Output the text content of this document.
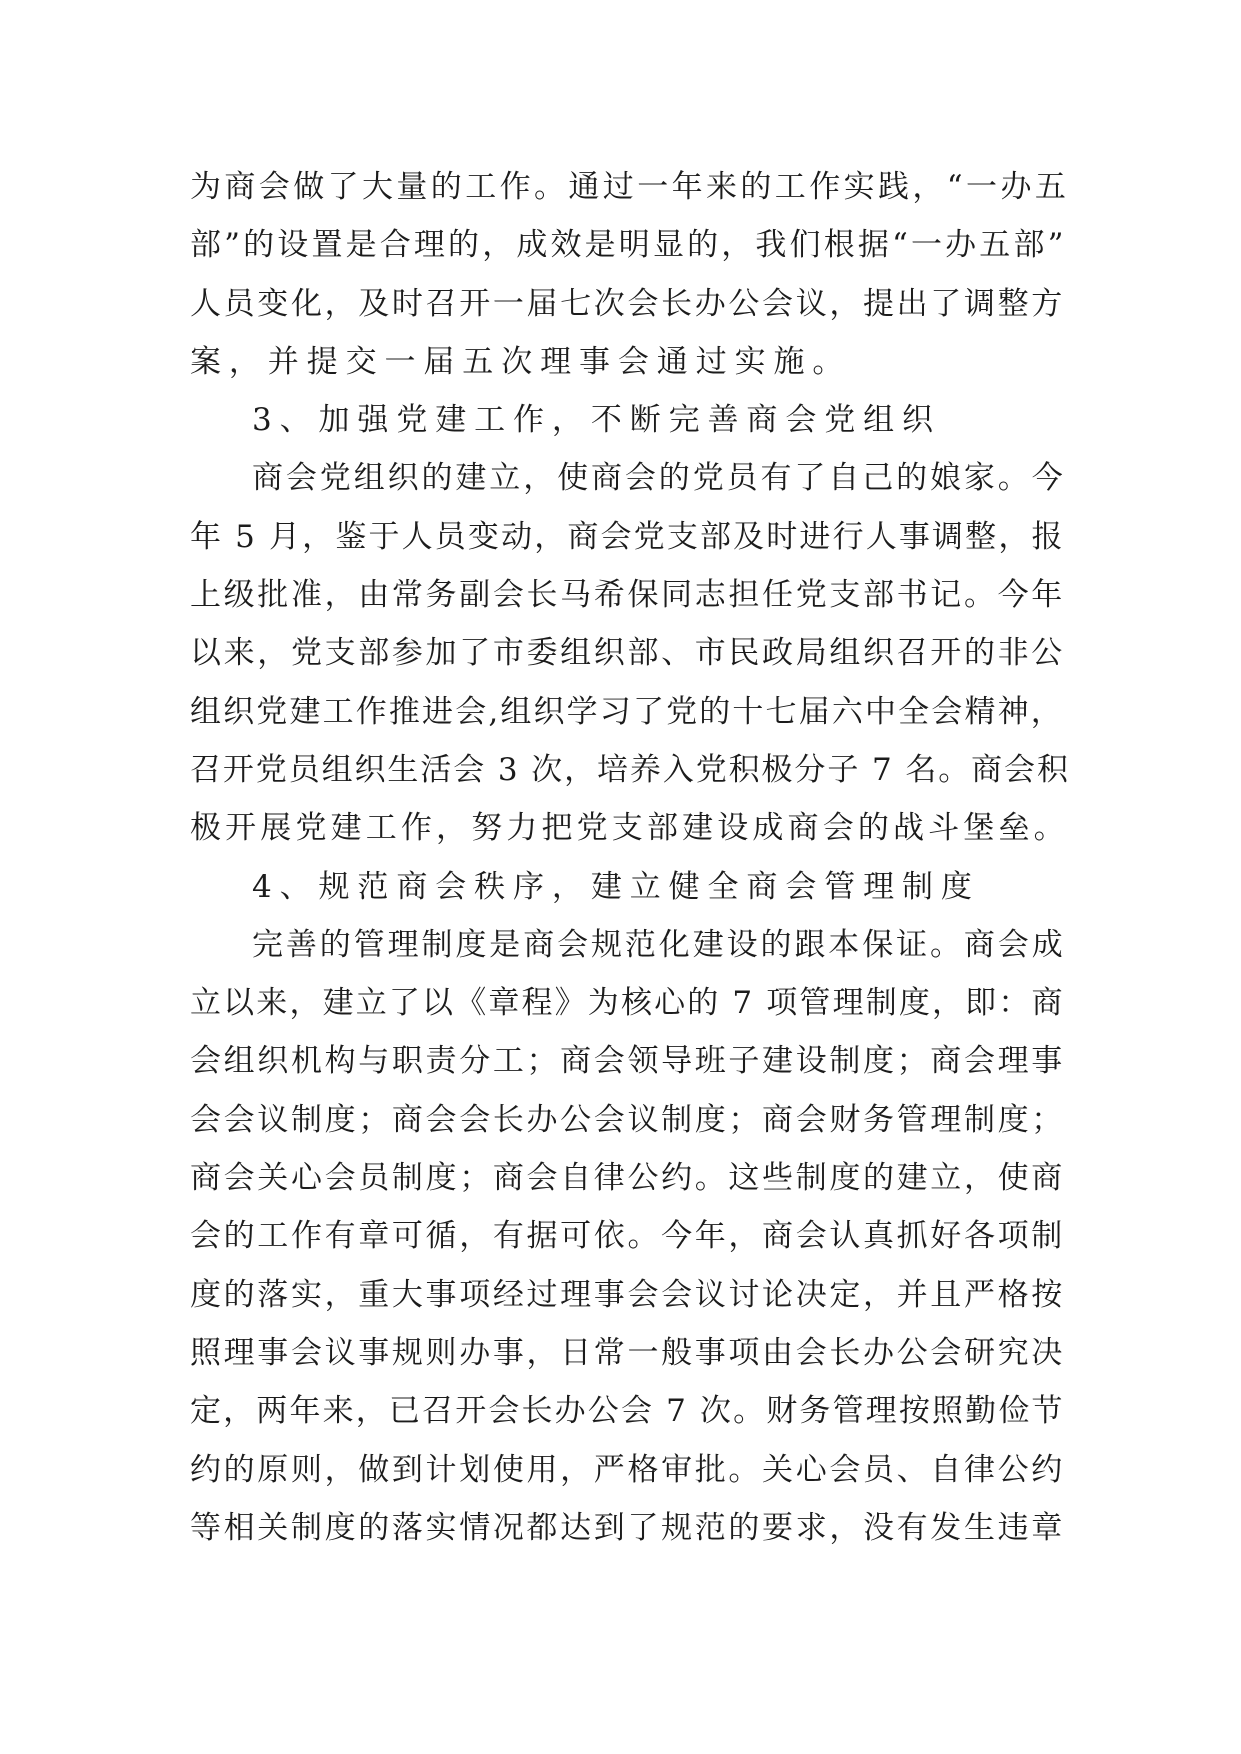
为商会做了大量的工作。通过一年来的工作实践，“一办五
部”的设置是合理的，成效是明显的，我们根据“一办五部”
人员变化，及时召开一届七次会长办公会议，提出了调整方
案，并提交一届五次理事会通过实施。
3、加强党建工作，不断完善商会党组织
商会党组织的建立，使商会的党员有了自己的娘家。今
年 5 月，鉴于人员变动，商会党支部及时进行人事调整，报
上级批准，由常务副会长马希保同志担任党支部书记。今年
以来，党支部参加了市委组织部、市民政局组织召开的非公
组织党建工作推进会,组织学习了党的十七届六中全会精神，
召开党员组织生活会 3 次，培养入党积极分子 7 名。商会积
极开展党建工作，努力把党支部建设成商会的战斗堡垒。
4、规范商会秩序，建立健全商会管理制度
完善的管理制度是商会规范化建设的跟本保证。商会成
立以来，建立了以《章程》为核心的 7 项管理制度，即：商
会组织机构与职责分工；商会领导班子建设制度；商会理事
会会议制度；商会会长办公会议制度；商会财务管理制度；
商会关心会员制度；商会自律公约。这些制度的建立，使商
会的工作有章可循，有据可依。今年，商会认真抓好各项制
度的落实，重大事项经过理事会会议讨论决定，并且严格按
照理事会议事规则办事，日常一般事项由会长办公会研究决
定，两年来，已召开会长办公会 7 次。财务管理按照勤俭节
约的原则，做到计划使用，严格审批。关心会员、自律公约
等相关制度的落实情况都达到了规范的要求，没有发生违章
